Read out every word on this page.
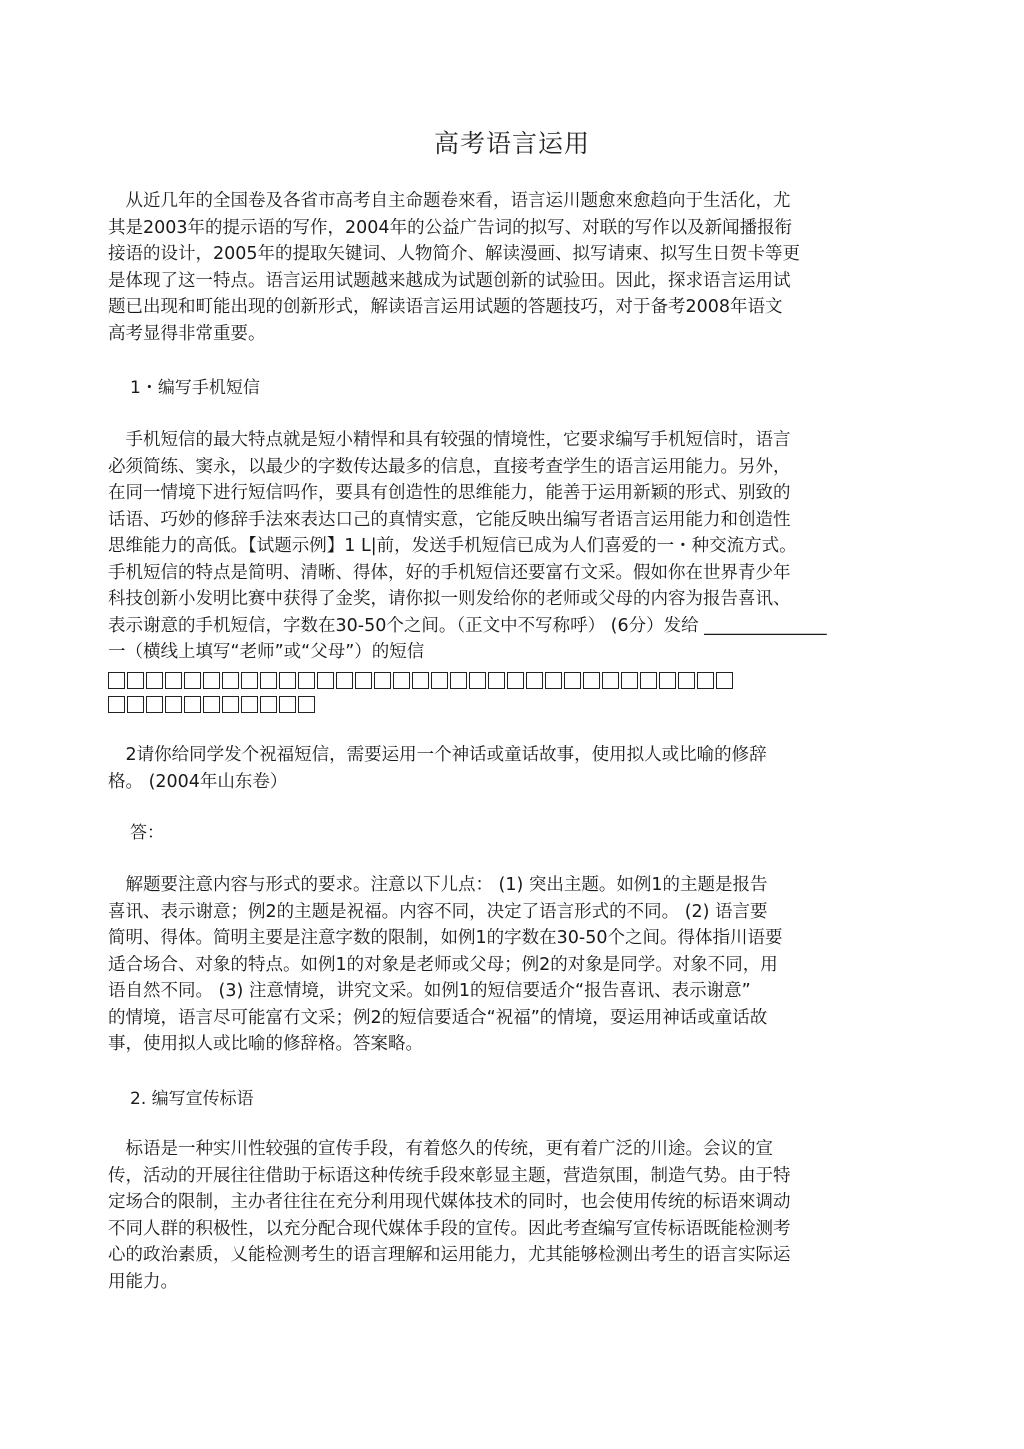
高考语言运用
　从近几年的全国卷及各省市高考自主命题卷來看，语言运川题愈來愈趋向于生活化，尤
其是2003年的提示语的写作，2004年的公益广告词的拟写、对联的写作以及新闻播报衔
接语的设计，2005年的提取矢键词、人物简介、解读漫画、拟写请柬、拟写生日贺卡等更
是体现了这一特点。语言运用试题越来越成为试题创新的试验田。因此，探求语言运用试
题已出现和町能出现的创新形式，解读语言运用试题的答题技巧，对于备考2008年语文
高考显得非常重要。
1・编写手机短信
　手机短信的最大特点就是短小精悍和具有较强的情境性，它要求编写手机短信时，语言
必须简练、窦永，以最少的字数传达最多的信息，直接考查学生的语言运用能力。另外，
在同一情境下进行短信吗作，要具有创造性的思维能力，能善于运用新颖的形式、别致的
话语、巧妙的修辞手法來表达口己的真情实意，它能反映出编写者语言运用能力和创造性
思维能力的高低。【试题示例】1 L|前，发送手机短信已成为人们喜爱的一・种交流方式。
手机短信的特点是简明、清晰、得体，好的手机短信还要富冇文采。假如你在世界青少年
科技创新小发明比赛中获得了金奖，请你拟一则发给你的老师或父母的内容为报告喜讯、
表示谢意的手机短信，字数在30-50个之间。（正文中不写称呼） (6分）发给 ______________
一（横线上填写“老师”或“父母”）的短信
　2请你给同学发个祝福短信，需要运用一个神话或童话故事，使用拟人或比喻的修辞
格。 (2004年山东卷）
答：
　解题要注意内容与形式的要求。注意以下儿点： (1) 突出主题。如例1的主题是报告
喜讯、表示谢意；例2的主题是祝福。内容不同，决定了语言形式的不同。 (2) 语言要
简明、得体。简明主要是注意字数的限制，如例1的字数在30-50个之间。得体指川语要
适合场合、对象的特点。如例1的对象是老师或父母；例2的对象是同学。对象不同，用
语自然不同。 (3) 注意情境，讲究文采。如例1的短信要适介“报告喜讯、表示谢意”
的情境，语言尽可能富冇文采；例2的短信要适合“祝福”的情境，耍运用神话或童话故
事，使用拟人或比喻的修辞格。答案略。
2. 编写宣传标语
　标语是一种实川性较强的宣传手段，有着悠久的传统，更有着广泛的川途。会议的宣
传，活动的开展往往借助于标语这种传统手段來彰显主题，营造氛围，制造气势。由于特
定场合的限制，主办者往往在充分利用现代媒体技术的同时，也会使用传统的标语來调动
不同人群的积极性，以充分配合现代媒体手段的宣传。因此考查编写宣传标语既能检测考
心的政治素质，乂能检测考生的语言理解和运用能力，尤其能够检测出考生的语言实际运
用能力。
